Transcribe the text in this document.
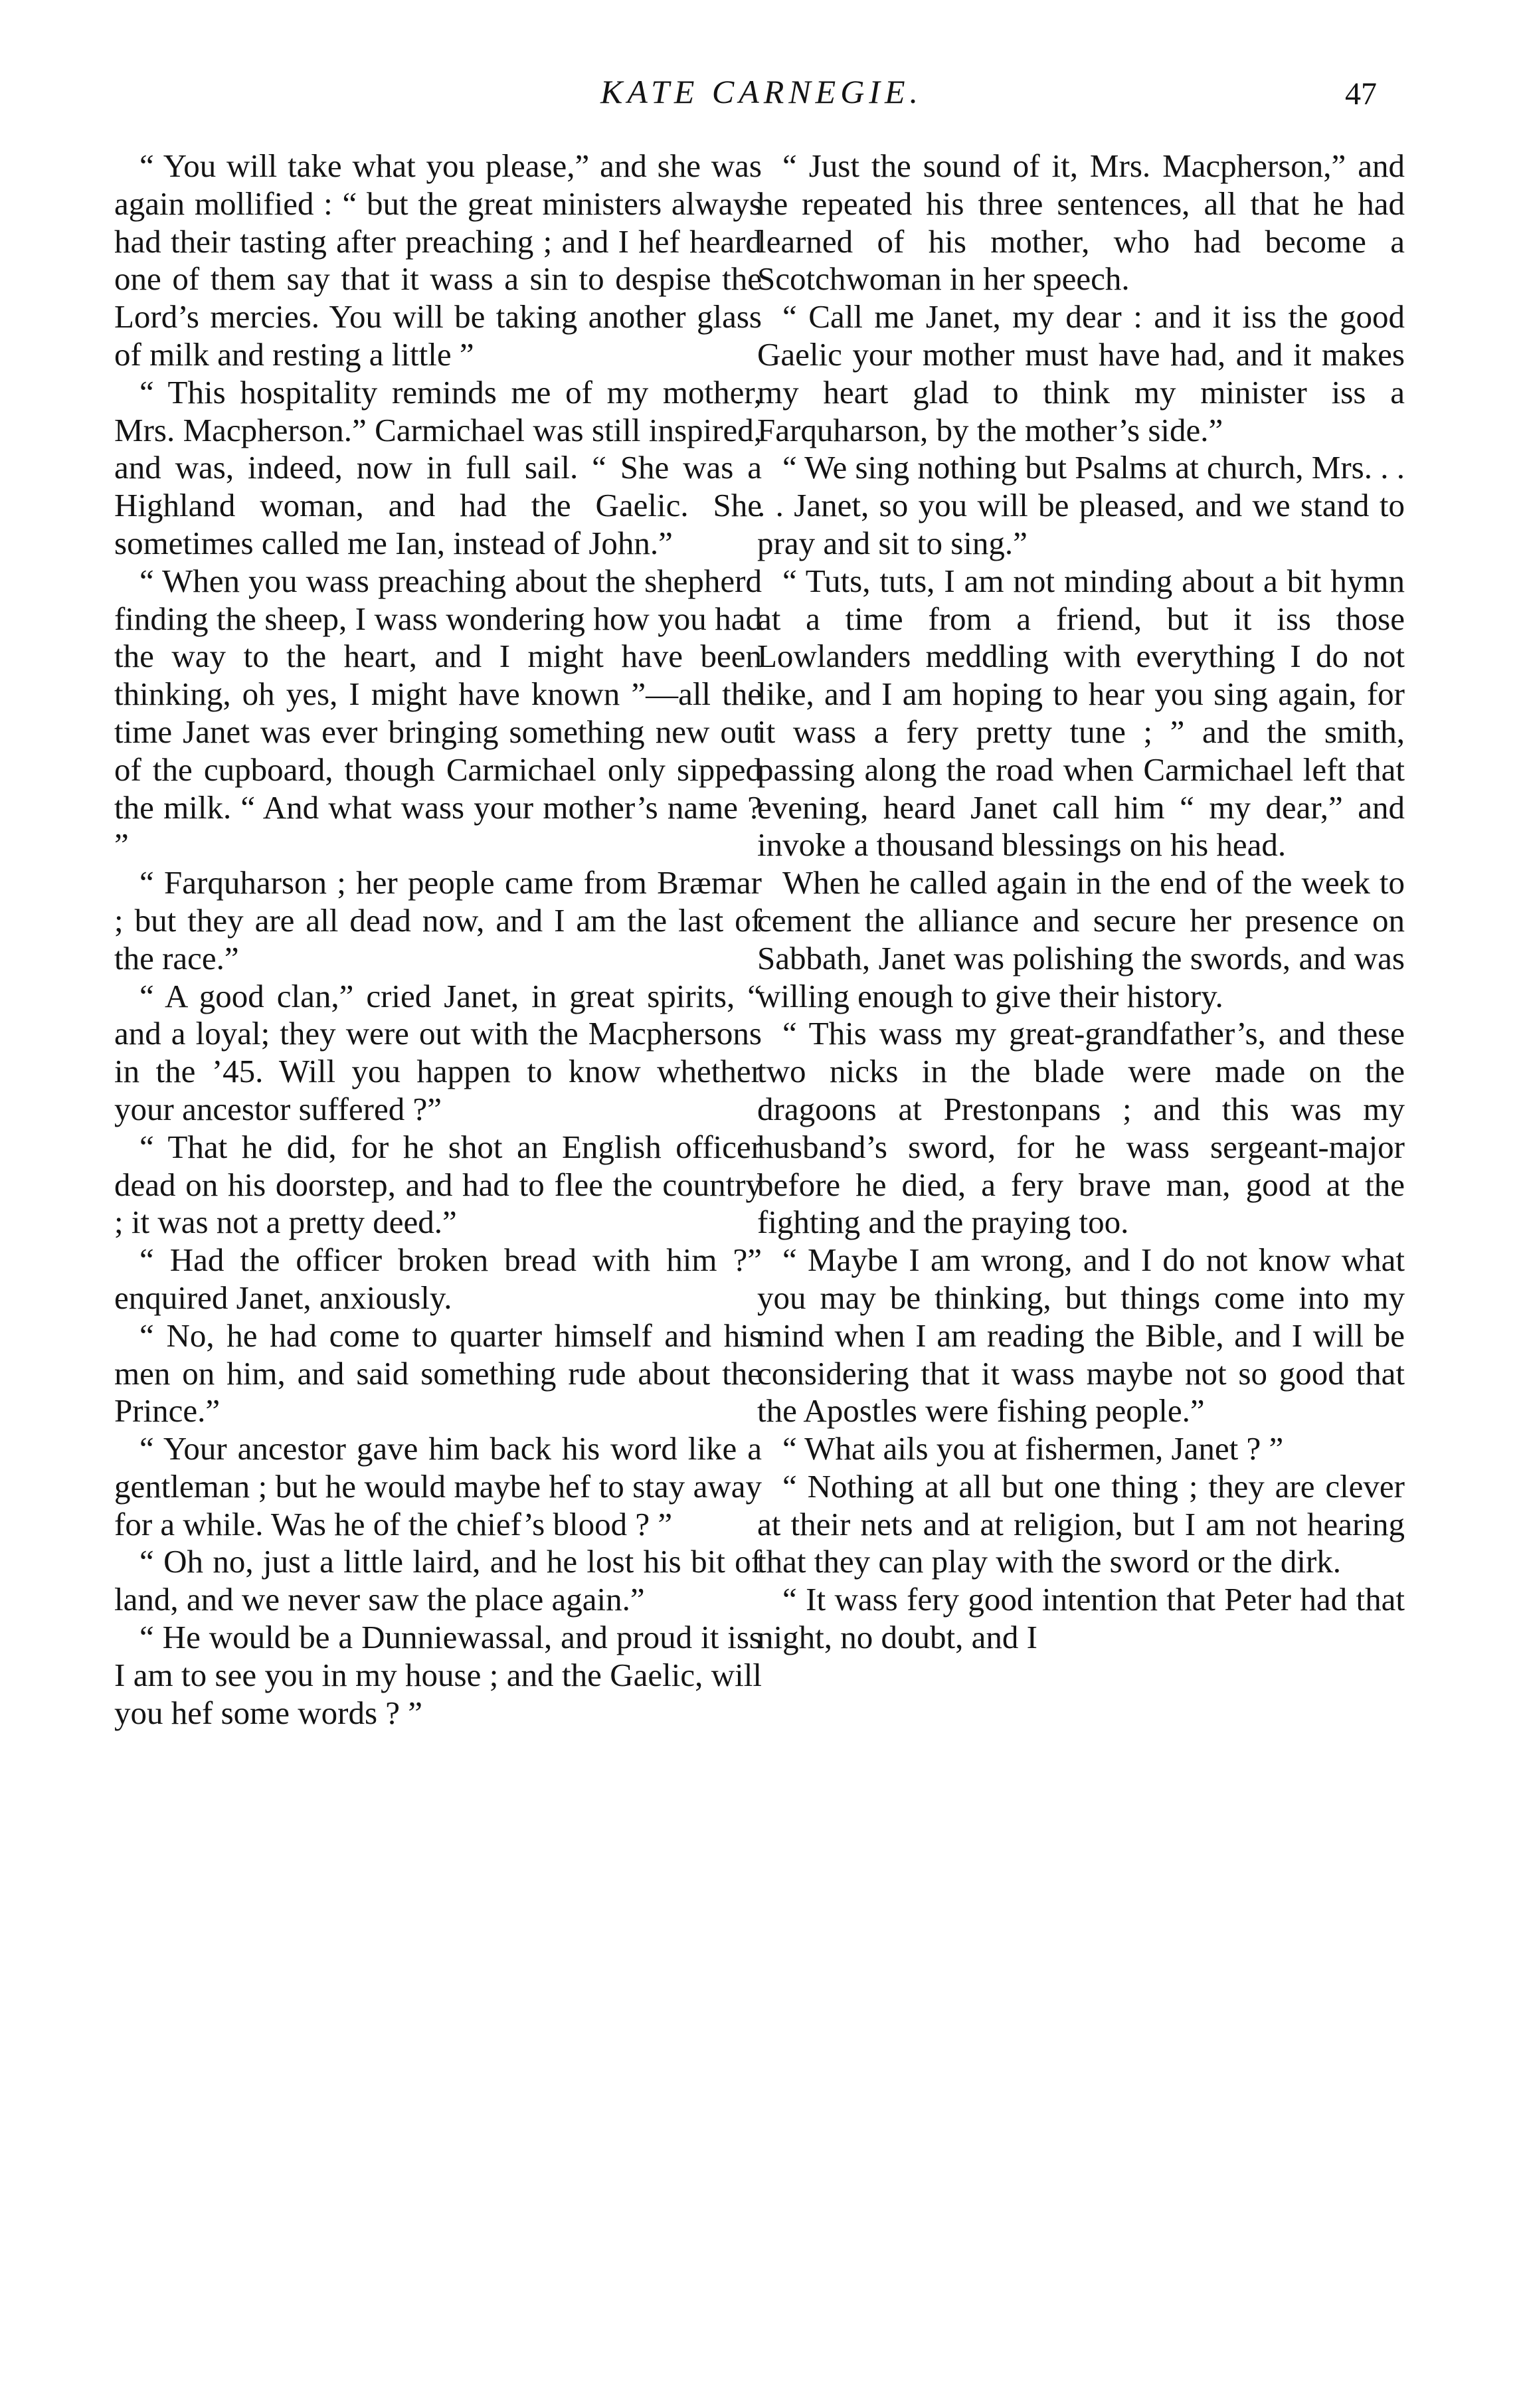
KATE CARNEGIE.	47

“ You will take what you please,” and she was again mollified : “ but the great ministers always had their tasting after preaching ; and I hef heard one of them say that it wass a sin to despise the Lord’s mercies. You will be taking another glass of milk and resting a little ”

“ This hospitality reminds me of my mother, Mrs. Macpherson.” Carmichael was still inspired, and was, indeed, now in full sail. “ She was a Highland woman, and had the Gaelic. She sometimes called me Ian, instead of John.”

“ When you wass preaching about the shepherd finding the sheep, I wass wondering how you had the way to the heart, and I might have been thinking, oh yes, I might have known ”—all the time Janet was ever bringing something new out of the cupboard, though Carmichael only sipped the milk. “ And what wass your mother’s name ? ”

“ Farquharson ; her people came from Bræmar ; but they are all dead now, and I am the last of the race.”

“ A good clan,” cried Janet, in great spirits, “ and a loyal; they were out with the Macphersons in the ’45. Will you happen to know whether your ancestor suffered ?”

“ That he did, for he shot an English officer dead on his doorstep, and had to flee the country ; it was not a pretty deed.”

“ Had the officer broken bread with him ?” enquired Janet, anxiously.

“ No, he had come to quarter himself and his men on him, and said something rude about the Prince.”

“ Your ancestor gave him back his word like a gentleman ; but he would maybe hef to stay away for a while. Was he of the chief’s blood ? ”

“ Oh no, just a little laird, and he lost his bit of land, and we never saw the place again.”

“ He would be a Dunniewassal, and proud it iss I am to see you in my house ; and the Gaelic, will you hef some words ? ”

“ Just the sound of it, Mrs. Macpherson,” and he repeated his three sentences, all that he had learned of his mother, who had become a Scotchwoman in her speech.

“ Call me Janet, my dear : and it iss the good Gaelic your mother must have had, and it makes my heart glad to think my minister iss a Farquharson, by the mother’s side.”

“ We sing nothing but Psalms at church, Mrs. . . . . Janet, so you will be pleased, and we stand to pray and sit to sing.”

“ Tuts, tuts, I am not minding about a bit hymn at a time from a friend, but it iss those Lowlanders meddling with everything I do not like, and I am hoping to hear you sing again, for it wass a fery pretty tune ; ” and the smith, passing along the road when Carmichael left that evening, heard Janet call him “ my dear,” and invoke a thousand blessings on his head.

When he called again in the end of the week to cement the alliance and secure her presence on Sabbath, Janet was polishing the swords, and was willing enough to give their history.

“ This wass my great-grandfather’s, and these two nicks in the blade were made on the dragoons at Prestonpans ; and this was my husband’s sword, for he wass sergeant-major before he died, a fery brave man, good at the fighting and the praying too.

“ Maybe I am wrong, and I do not know what you may be thinking, but things come into my mind when I am reading the Bible, and I will be considering that it wass maybe not so good that the Apostles were fishing people.”

“ What ails you at fishermen, Janet ? ”

“ Nothing at all but one thing ; they are clever at their nets and at religion, but I am not hearing that they can play with the sword or the dirk.

“ It wass fery good intention that Peter had that night, no doubt, and I
